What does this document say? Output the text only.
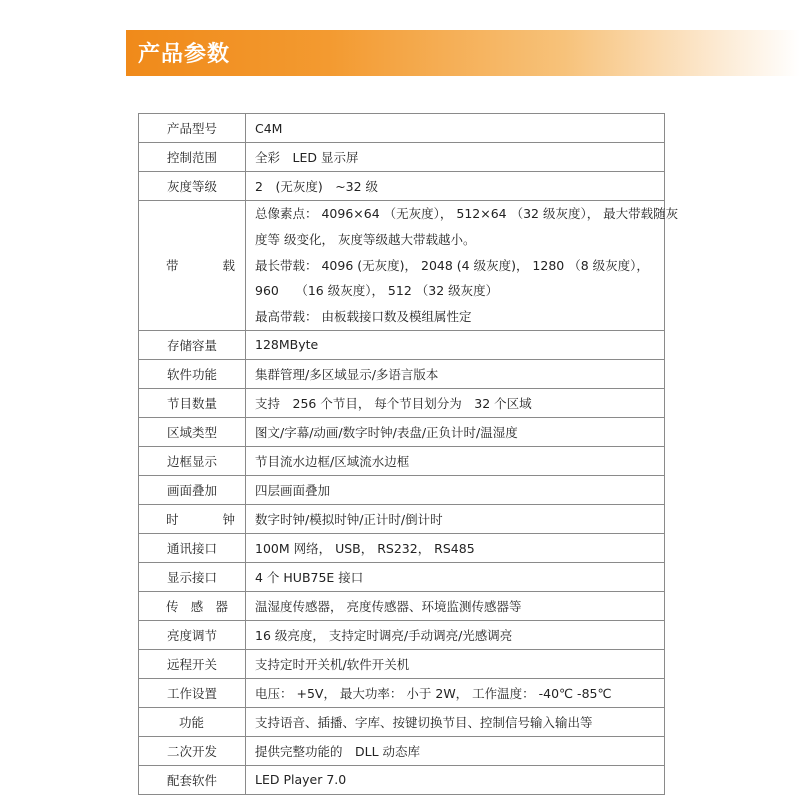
产品参数
产品型号	C4M
控制范围	全彩　LED 显示屏
灰度等级	2　(无灰度)　~32 级

带　　载	总像素点： 4096×64 （无灰度）， 512×64 （32 级灰度）， 最大带载随灰
度等 级变化， 灰度等级越大带载越小。
最长带载： 4096 (无灰度)， 2048 (4 级灰度)， 1280 （8 级灰度），
960　 （16 级灰度）， 512 （32 级灰度）
最高带载： 由板载接口数及模组属性定

存储容量	128MByte
软件功能	集群管理/多区域显示/多语言版本
节目数量	支持　256 个节目， 每个节目划分为　32 个区域
区域类型	图文/字幕/动画/数字时钟/表盘/正负计时/温湿度
边框显示	节目流水边框/区域流水边框
画面叠加	四层画面叠加

时　　钟	数字时钟/模拟时钟/正计时/倒计时
通讯接口	100M 网络， USB， RS232， RS485
显示接口	4 个 HUB75E 接口

传 感 器	温湿度传感器， 亮度传感器、环境监测传感器等
亮度调节	16 级亮度， 支持定时调亮/手动调亮/光感调亮
远程开关	支持定时开关机/软件开关机
工作设置	电压： +5V， 最大功率： 小于 2W， 工作温度： -40℃ -85℃

功能	支持语音、插播、字库、按键切换节目、控制信号输入输出等
二次开发	提供完整功能的　DLL 动态库
配套软件	LED Player 7.0
